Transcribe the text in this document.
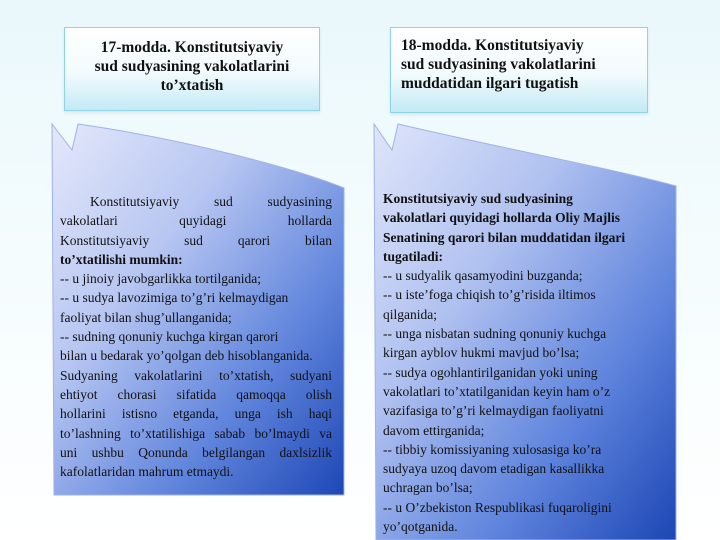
17-modda. Konstitutsiyaviy
sud sudyasining vakolatlarini
to’xtatish
18-modda. Konstitutsiyaviy
sud sudyasining vakolatlarini
muddatidan ilgari tugatish
Konstitutsiyaviy sud sudyasining
vakolatlari quyidagi hollarda
Konstitutsiyaviy sud qarori bilan
to’xtatilishi mumkin:
-- u jinoiy javobgarlikka tortilganida;
-- u sudya lavozimiga to’g’ri kelmaydigan
faoliyat bilan shug’ullanganida;
-- sudning qonuniy kuchga kirgan qarori
bilan u bedarak yo’qolgan deb hisoblanganida.
Sudyaning vakolatlarini to’xtatish, sudyani
ehtiyot chorasi sifatida qamoqqa olish
hollarini istisno etganda, unga ish haqi
to’lashning to’xtatilishiga sabab bo’lmaydi va
uni ushbu Qonunda belgilangan daxlsizlik
kafolatlaridan mahrum etmaydi.
Konstitutsiyaviy sud sudyasining
vakolatlari quyidagi hollarda Oliy Majlis
Senatining qarori bilan muddatidan ilgari
tugatiladi:
-- u sudyalik qasamyodini buzganda;
-- u iste’foga chiqish to’g’risida iltimos
qilganida;
-- unga nisbatan sudning qonuniy kuchga
kirgan ayblov hukmi mavjud bo’lsa;
-- sudya ogohlantirilganidan yoki uning
vakolatlari to’xtatilganidan keyin ham o’z
vazifasiga to’g’ri kelmaydigan faoliyatni
davom ettirganida;
-- tibbiy komissiyaning xulosasiga ko’ra
sudyaya uzoq davom etadigan kasallikka
uchragan bo’lsa;
-- u O’zbekiston Respublikasi fuqaroligini
yo’qotganida.
